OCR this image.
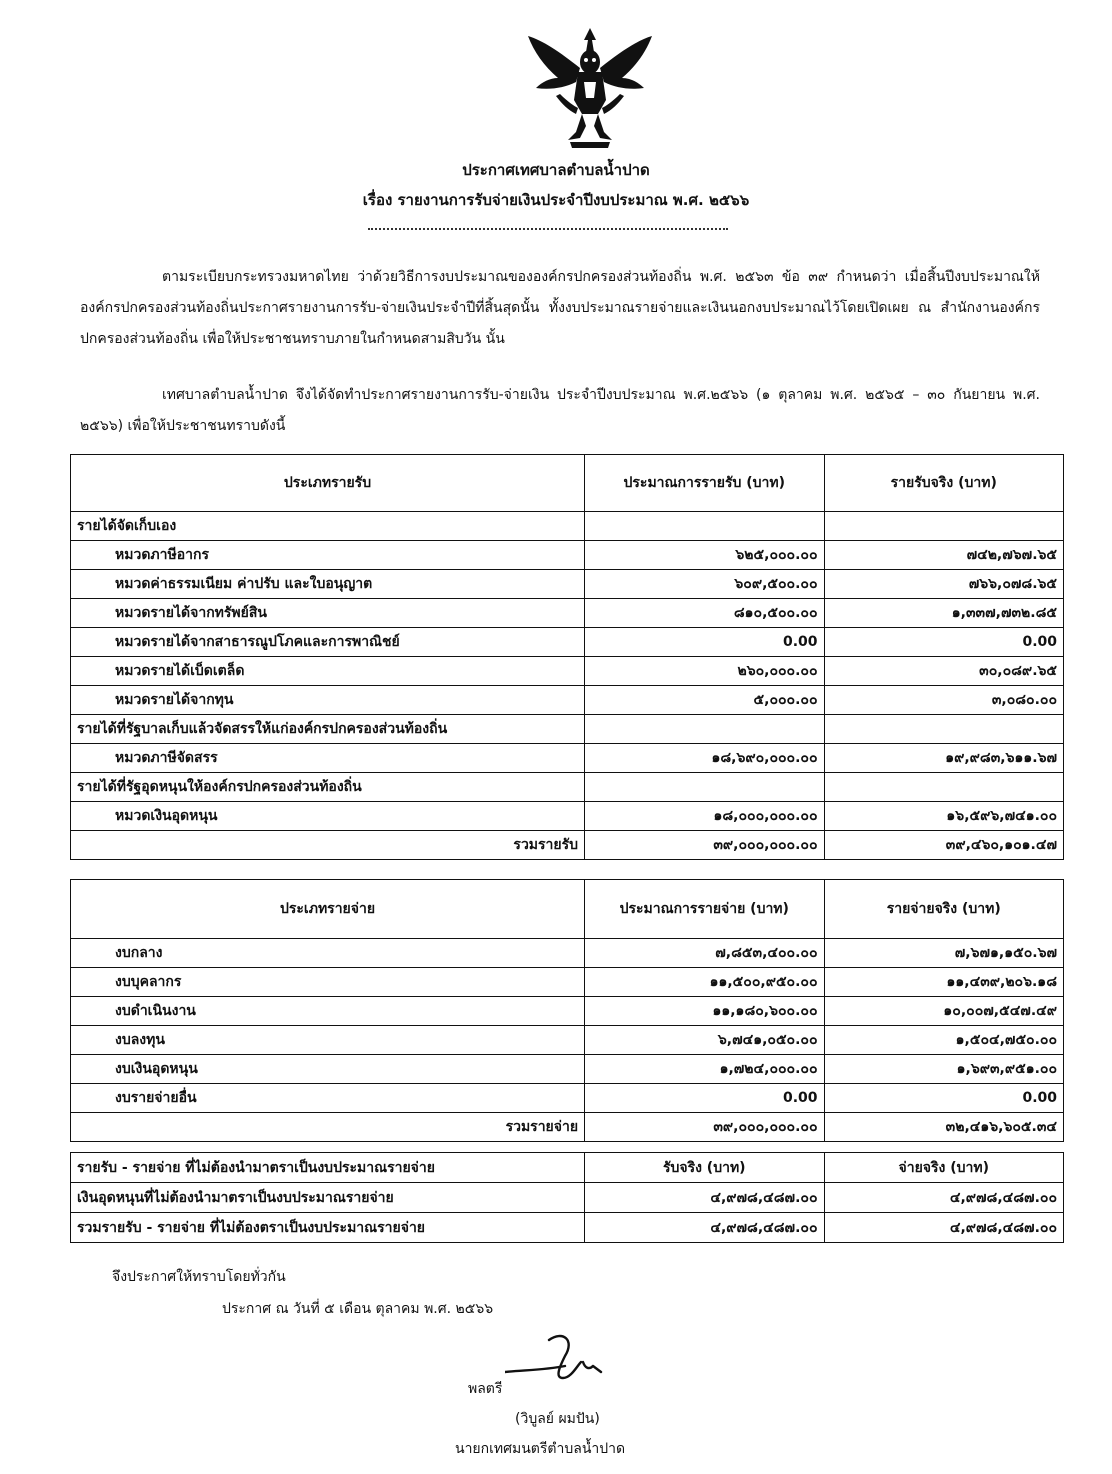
ประกาศเทศบาลตำบลน้ำปาด
เรื่อง รายงานการรับจ่ายเงินประจำปีงบประมาณ พ.ศ. ๒๕๖๖
ตามระเบียบกระทรวงมหาดไทย ว่าด้วยวิธีการงบประมาณขององค์กรปกครองส่วนท้องถิ่น พ.ศ. ๒๕๖๓ ข้อ ๓๙ กำหนดว่า เมื่อสิ้นปีงบประมาณให้องค์กรปกครองส่วนท้องถิ่นประกาศรายงานการรับ-จ่ายเงินประจำปีที่สิ้นสุดนั้น ทั้งงบประมาณรายจ่ายและเงินนอกงบประมาณไว้โดยเปิดเผย ณ สำนักงานองค์กรปกครองส่วนท้องถิ่น เพื่อให้ประชาชนทราบภายในกำหนดสามสิบวัน นั้น
เทศบาลตำบลน้ำปาด จึงได้จัดทำประกาศรายงานการรับ-จ่ายเงิน ประจำปีงบประมาณ พ.ศ.๒๕๖๖ (๑ ตุลาคม พ.ศ. ๒๕๖๕ – ๓๐ กันยายน พ.ศ. ๒๕๖๖) เพื่อให้ประชาชนทราบดังนี้
ประเภทรายรับ	ประมาณการรายรับ (บาท)	รายรับจริง (บาท)
รายได้จัดเก็บเอง		
หมวดภาษีอากร	๖๒๕,๐๐๐.๐๐	๗๔๒,๗๖๗.๖๕
หมวดค่าธรรมเนียม ค่าปรับ และใบอนุญาต	๖๐๙,๕๐๐.๐๐	๗๖๖,๐๗๘.๖๕
หมวดรายได้จากทรัพย์สิน	๘๑๐,๕๐๐.๐๐	๑,๓๓๗,๗๓๒.๘๕
หมวดรายได้จากสาธารณูปโภคและการพาณิชย์	0.00	0.00
หมวดรายได้เบ็ดเตล็ด	๒๖๐,๐๐๐.๐๐	๓๐,๐๘๙.๖๕
หมวดรายได้จากทุน	๕,๐๐๐.๐๐	๓,๐๘๐.๐๐
รายได้ที่รัฐบาลเก็บแล้วจัดสรรให้แก่องค์กรปกครองส่วนท้องถิ่น		
หมวดภาษีจัดสรร	๑๘,๖๙๐,๐๐๐.๐๐	๑๙,๙๘๓,๖๑๑.๖๗
รายได้ที่รัฐอุดหนุนให้องค์กรปกครองส่วนท้องถิ่น		
หมวดเงินอุดหนุน	๑๘,๐๐๐,๐๐๐.๐๐	๑๖,๕๙๖,๗๔๑.๐๐
รวมรายรับ	๓๙,๐๐๐,๐๐๐.๐๐	๓๙,๔๖๐,๑๐๑.๔๗
ประเภทรายจ่าย	ประมาณการรายจ่าย (บาท)	รายจ่ายจริง (บาท)
งบกลาง	๗,๘๕๓,๔๐๐.๐๐	๗,๖๗๑,๑๕๐.๖๗
งบบุคลากร	๑๑,๕๐๐,๙๕๐.๐๐	๑๑,๔๓๙,๒๐๖.๑๘
งบดำเนินงาน	๑๑,๑๘๐,๖๐๐.๐๐	๑๐,๐๐๗,๕๔๗.๔๙
งบลงทุน	๖,๗๔๑,๐๕๐.๐๐	๑,๕๐๔,๗๕๐.๐๐
งบเงินอุดหนุน	๑,๗๒๔,๐๐๐.๐๐	๑,๖๙๓,๙๕๑.๐๐
งบรายจ่ายอื่น	0.00	0.00
รวมรายจ่าย	๓๙,๐๐๐,๐๐๐.๐๐	๓๒,๔๑๖,๖๐๕.๓๔
รายรับ - รายจ่าย ที่ไม่ต้องนำมาตราเป็นงบประมาณรายจ่าย	รับจริง (บาท)	จ่ายจริง (บาท)
เงินอุดหนุนที่ไม่ต้องนำมาตราเป็นงบประมาณรายจ่าย	๔,๙๗๘,๔๘๗.๐๐	๔,๙๗๘,๔๘๗.๐๐
รวมรายรับ - รายจ่าย ที่ไม่ต้องตราเป็นงบประมาณรายจ่าย	๔,๙๗๘,๔๘๗.๐๐	๔,๙๗๘,๔๘๗.๐๐
จึงประกาศให้ทราบโดยทั่วกัน
ประกาศ ณ วันที่ ๕ เดือน ตุลาคม พ.ศ. ๒๕๖๖
พลตรี
(วิบูลย์ ผมปัน)
นายกเทศมนตรีตำบลน้ำปาด
